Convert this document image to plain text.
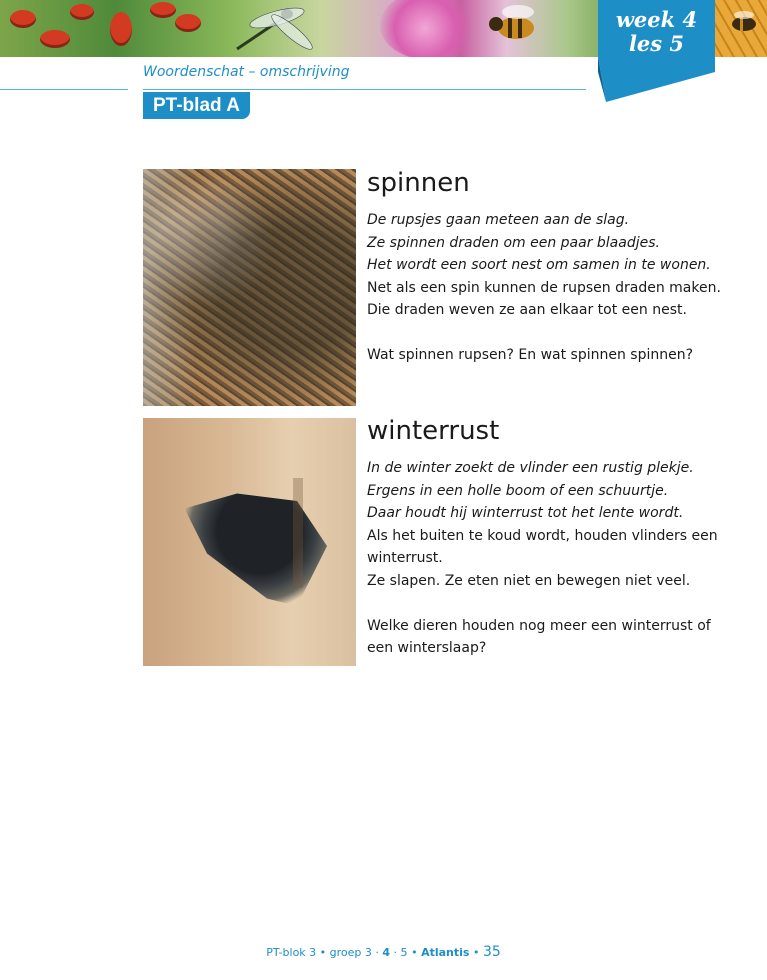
week 4
les 5
Woordenschat – omschrijving
PT-blad A
spinnen
De rupsjes gaan meteen aan de slag.
Ze spinnen draden om een paar blaadjes.
Het wordt een soort nest om samen in te wonen.
Net als een spin kunnen de rupsen draden maken.
Die draden weven ze aan elkaar tot een nest.
Wat spinnen rupsen? En wat spinnen spinnen?
winterrust
In de winter zoekt de vlinder een rustig plekje.
Ergens in een holle boom of een schuurtje.
Daar houdt hij winterrust tot het lente wordt.
Als het buiten te koud wordt, houden vlinders een
winterrust.
Ze slapen. Ze eten niet en bewegen niet veel.
Welke dieren houden nog meer een winterrust of
een winterslaap?
PT-blok 3 • groep 3 · 4 · 5 • Atlantis • 35
